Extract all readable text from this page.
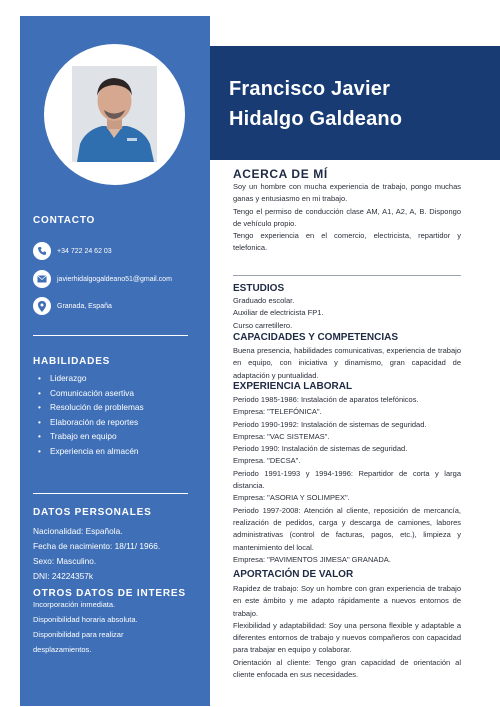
Francisco Javier
Hidalgo Galdeano
CONTACTO
+34 722 24 62 03
javierhidalgogaldeano51@gmail.com
Granada, España
HABILIDADES
• Liderazgo
• Comunicación asertiva
• Resolución de problemas
• Elaboración de reportes
• Trabajo en equipo
• Experiencia en almacén
DATOS PERSONALES
Nacionalidad: Española.
Fecha de nacimiento: 18/11/ 1966.
Sexo: Masculino.
DNI: 24224357k
OTROS DATOS DE INTERES
Incorporación inmediata.
Disponibilidad horaria absoluta.
Disponibilidad para realizar
desplazamientos.
ACERCA DE MÍ

Soy un hombre con mucha experiencia de trabajo, pongo muchas ganas y entusiasmo en mi trabajo.

Tengo el permiso de conducción clase AM, A1, A2, A, B. Dispongo de vehículo propio.

Tengo experiencia en el comercio, electricista, repartidor y telefonica.

ESTUDIOS

Graduado escolar.

Auxiliar de electricista FP1.

Curso carretillero.

CAPACIDADES Y COMPETENCIAS

Buena presencia, habilidades comunicativas, experiencia de trabajo en equipo, con iniciativa y dinamismo, gran capacidad de adaptación y puntualidad.

EXPERIENCIA LABORAL

Periodo 1985-1986: Instalación de aparatos telefónicos.

Empresa: "TELEFÓNICA".

Periodo 1990-1992: Instalación de sistemas de seguridad.

Empresa: "VAC SISTEMAS".

Periodo 1990: Instalación de sistemas de seguridad.

Empresa. "DECSA".

Periodo 1991-1993 y 1994-1996: Repartidor de corta y larga distancia.

Empresa: "ASORIA Y SOLIMPEX".

Periodo 1997-2008: Atención al cliente, reposición de mercancía, realización de pedidos, carga y descarga de camiones, labores administrativas (control de facturas, pagos, etc.), limpieza y mantenimiento del local.

Empresa: "PAVIMENTOS JIMESA" GRANADA.

APORTACIÓN DE VALOR

Rapidez de trabajo: Soy un hombre con gran experiencia de trabajo en este ámbito y me adapto rápidamente a nuevos entornos de trabajo.

Flexibilidad y adaptabilidad: Soy una persona flexible y adaptable a diferentes entornos de trabajo y nuevos compañeros con capacidad para trabajar en equipo y colaborar.

Orientación al cliente: Tengo gran capacidad de orientación al cliente enfocada en sus necesidades.
